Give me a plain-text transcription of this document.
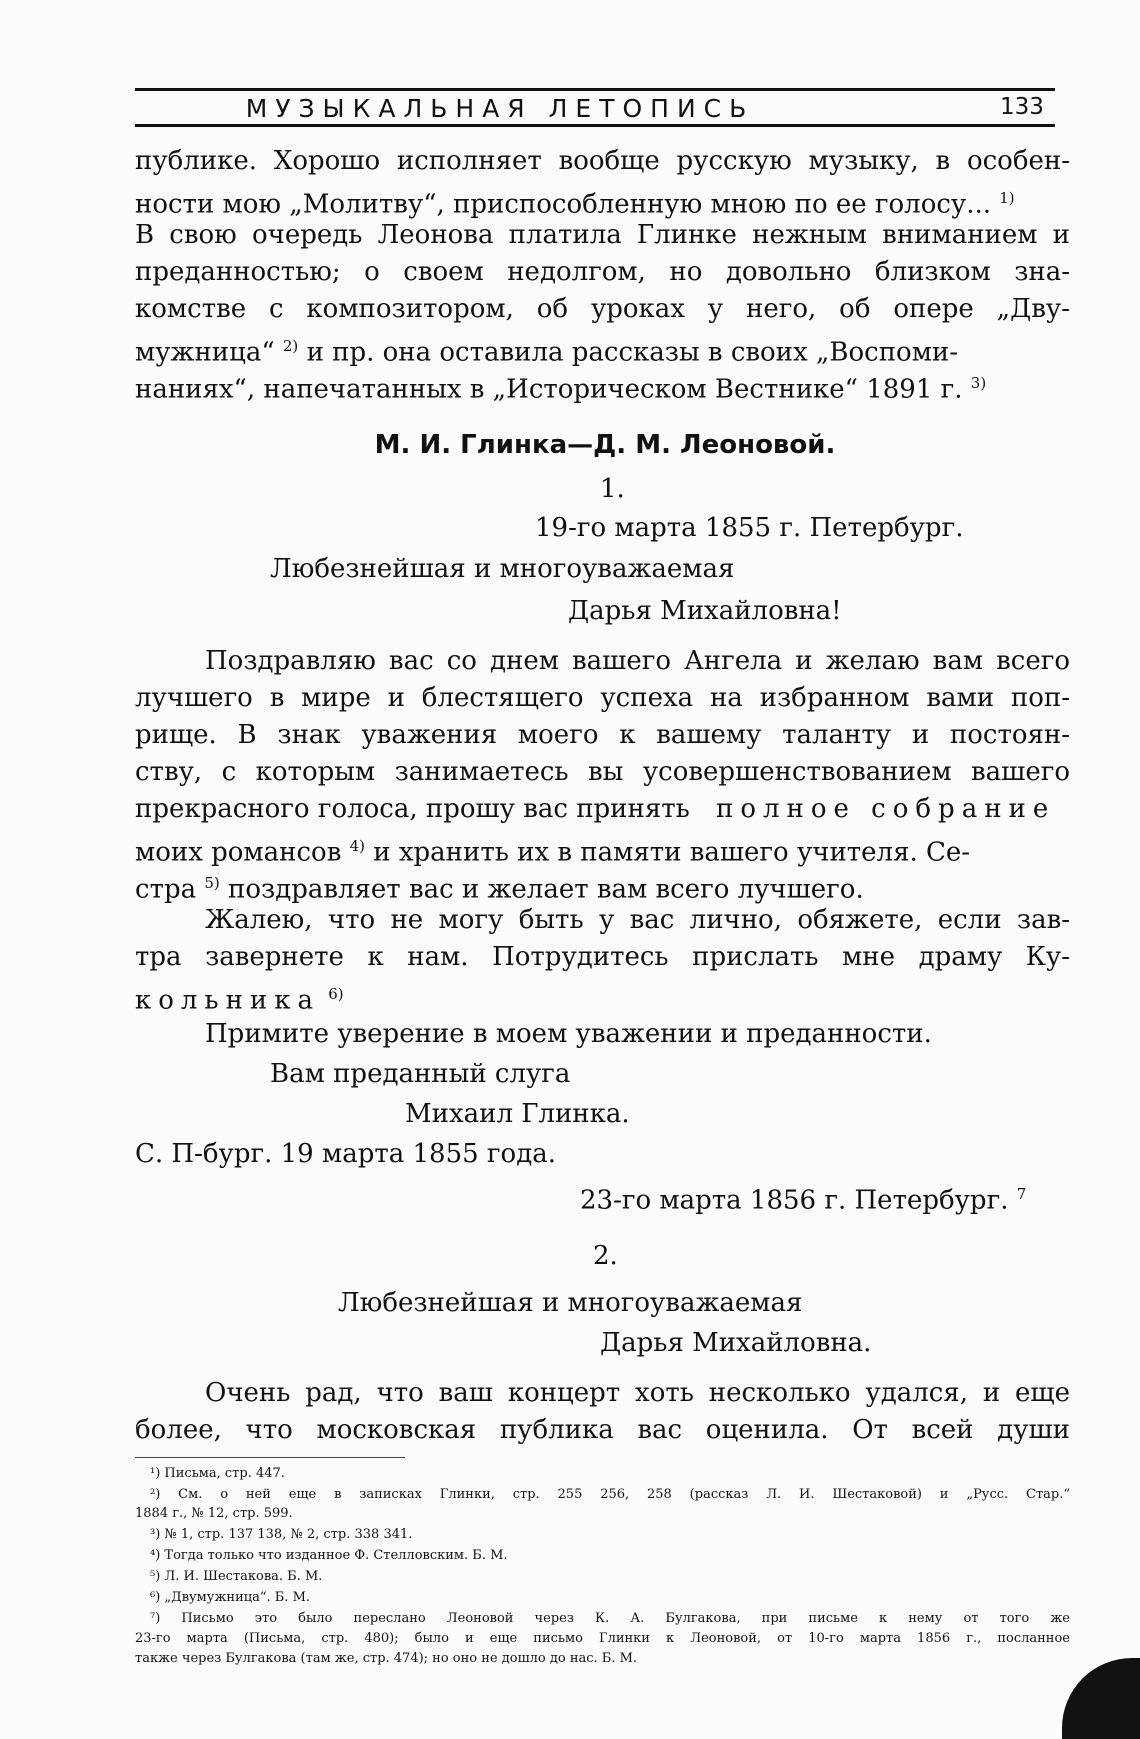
МУЗЫКАЛЬНАЯ ЛЕТОПИСЬ	133
публике. Хорошо исполняет вообще русскую музыку, в особен-
ности мою „Молитву“, приспособленную мною по ее голосу... $^{1)}$
В свою очередь Леонова платила Глинке нежным вниманием и
преданностью; о своем недолгом, но довольно близком зна-
комстве с композитором, об уроках у него, об опере „Дву-
мужница“ $^{2)}$ и пр. она оставила рассказы в своих „Воспоми-
наниях“, напечатанных в „Историческом Вестнике“ 1891 г. $^{3)}$
М. И. Глинка—Д. М. Леоновой.
1.
19-го марта 1855 г. Петербург.
Любезнейшая и многоуважаемая
Дарья Михайловна!
Поздравляю вас со днем вашего Ангела и желаю вам всего
лучшего в мире и блестящего успеха на избранном вами поп-
рище. В знак уважения моего к вашему таланту и постоян-
ству, с которым занимаетесь вы усовершенствованием вашего
прекрасного голоса, прошу вас принять полное собрание
моих романсов $^{4)}$ и хранить их в памяти вашего учителя. Се-
стра $^{5)}$ поздравляет вас и желает вам всего лучшего.
Жалею, что не могу быть у вас лично, обяжете, если зав-
тра завернете к нам. Потрудитесь прислать мне драму Ку-
кольника $^{6)}$
Примите уверение в моем уважении и преданности.
Вам преданный слуга
Михаил Глинка.
С. П-бург. 19 марта 1855 года.
23-го марта 1856 г. Петербург. $^7$
2.
Любезнейшая и многоуважаемая
Дарья Михайловна.
Очень рад, что ваш концерт хоть несколько удался, и еще
более, что московская публика вас оценила. От всей души
¹) Письма, стр. 447.
²) См. о ней еще в записках Глинки, стр. 255 256, 258 (рассказ Л. И. Шестаковой) и „Русс. Стар.“
1884 г., № 12, стр. 599.
³) № 1, стр. 137 138, № 2, стр. 338 341.
⁴) Тогда только что изданное Ф. Стелловским. Б. М.
⁵) Л. И. Шестакова. Б. М.
⁶) „Двумужница“. Б. М.
⁷) Письмо это было переслано Леоновой через К. А. Булгакова, при письме к нему от того же
23-го марта (Письма, стр. 480); было и еще письмо Глинки к Леоновой, от 10-го марта 1856 г., посланное
также через Булгакова (там же, стр. 474); но оно не дошло до нас. Б. М.
